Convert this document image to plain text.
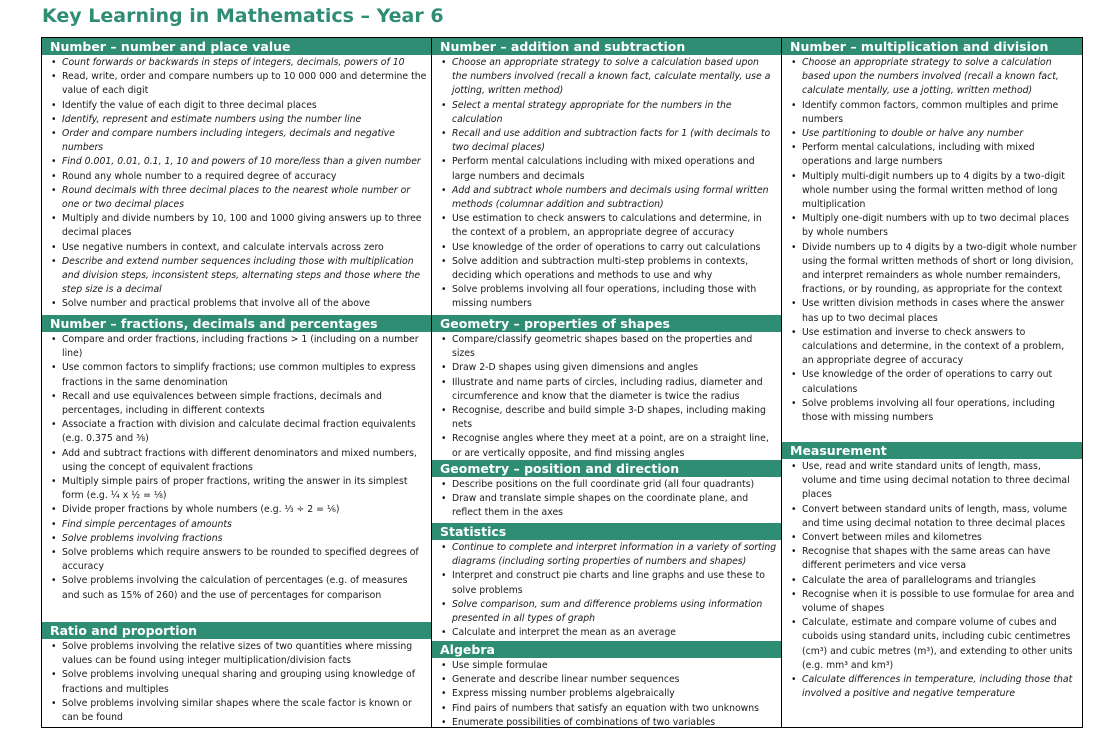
Key Learning in Mathematics – Year 6
Number – number and place value
• Count forwards or backwards in steps of integers, decimals, powers of 10
• Read, write, order and compare numbers up to 10 000 000 and determine the value of each digit
• Identify the value of each digit to three decimal places
• Identify, represent and estimate numbers using the number line
• Order and compare numbers including integers, decimals and negative numbers
• Find 0.001, 0.01, 0.1, 1, 10 and powers of 10 more/less than a given number
• Round any whole number to a required degree of accuracy
• Round decimals with three decimal places to the nearest whole number or one or two decimal places
• Multiply and divide numbers by 10, 100 and 1000 giving answers up to three decimal places
• Use negative numbers in context, and calculate intervals across zero
• Describe and extend number sequences including those with multiplication and division steps, inconsistent steps, alternating steps and those where the step size is a decimal
• Solve number and practical problems that involve all of the above
Number – fractions, decimals and percentages
• Compare and order fractions, including fractions > 1 (including on a number line)
• Use common factors to simplify fractions; use common multiples to express fractions in the same denomination
• Recall and use equivalences between simple fractions, decimals and percentages, including in different contexts
• Associate a fraction with division and calculate decimal fraction equivalents (e.g. 0.375 and ⅜)
• Add and subtract fractions with different denominators and mixed numbers, using the concept of equivalent fractions
• Multiply simple pairs of proper fractions, writing the answer in its simplest form (e.g. ¼ x ½ = ⅛)
• Divide proper fractions by whole numbers (e.g. ⅓ ÷ 2 = ⅙)
• Find simple percentages of amounts
• Solve problems involving fractions
• Solve problems which require answers to be rounded to specified degrees of accuracy
• Solve problems involving the calculation of percentages (e.g. of measures and such as 15% of 260) and the use of percentages for comparison
Ratio and proportion
• Solve problems involving the relative sizes of two quantities where missing values can be found using integer multiplication/division facts
• Solve problems involving unequal sharing and grouping using knowledge of fractions and multiples
• Solve problems involving similar shapes where the scale factor is known or can be found
Number – addition and subtraction
• Choose an appropriate strategy to solve a calculation based upon the numbers involved (recall a known fact, calculate mentally, use a jotting, written method)
• Select a mental strategy appropriate for the numbers in the calculation
• Recall and use addition and subtraction facts for 1 (with decimals to two decimal places)
• Perform mental calculations including with mixed operations and large numbers and decimals
• Add and subtract whole numbers and decimals using formal written methods (columnar addition and subtraction)
• Use estimation to check answers to calculations and determine, in the context of a problem, an appropriate degree of accuracy
• Use knowledge of the order of operations to carry out calculations
• Solve addition and subtraction multi-step problems in contexts, deciding which operations and methods to use and why
• Solve problems involving all four operations, including those with missing numbers
Geometry – properties of shapes
• Compare/classify geometric shapes based on the properties and sizes
• Draw 2-D shapes using given dimensions and angles
• Illustrate and name parts of circles, including radius, diameter and circumference and know that the diameter is twice the radius
• Recognise, describe and build simple 3-D shapes, including making nets
• Recognise angles where they meet at a point, are on a straight line, or are vertically opposite, and find missing angles
Geometry – position and direction
• Describe positions on the full coordinate grid (all four quadrants)
• Draw and translate simple shapes on the coordinate plane, and reflect them in the axes
Statistics
• Continue to complete and interpret information in a variety of sorting diagrams (including sorting properties of numbers and shapes)
• Interpret and construct pie charts and line graphs and use these to solve problems
• Solve comparison, sum and difference problems using information presented in all types of graph
• Calculate and interpret the mean as an average
Algebra
• Use simple formulae
• Generate and describe linear number sequences
• Express missing number problems algebraically
• Find pairs of numbers that satisfy an equation with two unknowns
• Enumerate possibilities of combinations of two variables
Number – multiplication and division
• Choose an appropriate strategy to solve a calculation based upon the numbers involved (recall a known fact, calculate mentally, use a jotting, written method)
• Identify common factors, common multiples and prime numbers
• Use partitioning to double or halve any number
• Perform mental calculations, including with mixed operations and large numbers
• Multiply multi-digit numbers up to 4 digits by a two-digit whole number using the formal written method of long multiplication
• Multiply one-digit numbers with up to two decimal places by whole numbers
• Divide numbers up to 4 digits by a two-digit whole number using the formal written methods of short or long division, and interpret remainders as whole number remainders, fractions, or by rounding, as appropriate for the context
• Use written division methods in cases where the answer has up to two decimal places
• Use estimation and inverse to check answers to calculations and determine, in the context of a problem, an appropriate degree of accuracy
• Use knowledge of the order of operations to carry out calculations
• Solve problems involving all four operations, including those with missing numbers
Measurement
• Use, read and write standard units of length, mass, volume and time using decimal notation to three decimal places
• Convert between standard units of length, mass, volume and time using decimal notation to three decimal places
• Convert between miles and kilometres
• Recognise that shapes with the same areas can have different perimeters and vice versa
• Calculate the area of parallelograms and triangles
• Recognise when it is possible to use formulae for area and volume of shapes
• Calculate, estimate and compare volume of cubes and cuboids using standard units, including cubic centimetres (cm³) and cubic metres (m³), and extending to other units (e.g. mm³ and km³)
• Calculate differences in temperature, including those that involved a positive and negative temperature
